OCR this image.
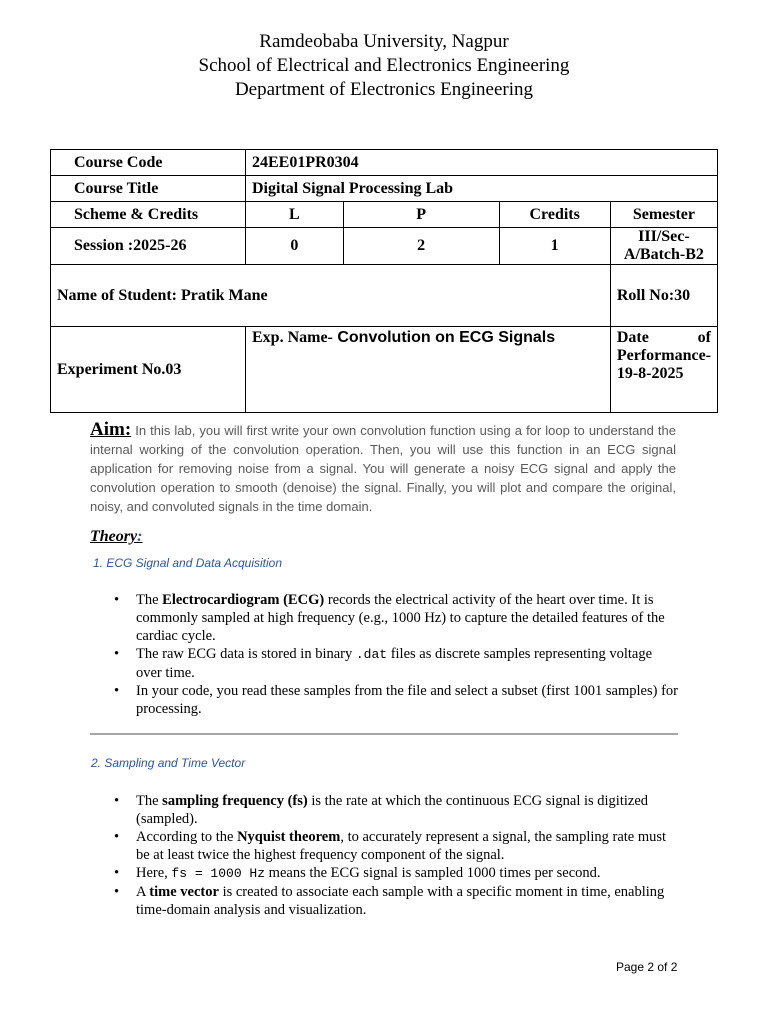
Ramdeobaba University, Nagpur
School of Electrical and Electronics Engineering
Department of Electronics Engineering
Course Code	24EE01PR0304			
Course Title	Digital Signal Processing Lab			
Scheme & Credits	L	P	Credits	Semester
Session :2025-26	0	2	1	III/Sec-A/Batch-B2
Name of Student: Pratik Mane				Roll No:30
Experiment No.03	Exp. Name- Convolution on ECG Signals			Date of Performance-
19-8-2025
Aim: In this lab, you will first write your own convolution function using a for loop to understand the internal working of the convolution operation. Then, you will use this function in an ECG signal application for removing noise from a signal. You will generate a noisy ECG signal and apply the convolution operation to smooth (denoise) the signal. Finally, you will plot and compare the original, noisy, and convoluted signals in the time domain.
Theory:
1. ECG Signal and Data Acquisition
• The Electrocardiogram (ECG) records the electrical activity of the heart over time. It is commonly sampled at high frequency (e.g., 1000 Hz) to capture the detailed features of the cardiac cycle.
• The raw ECG data is stored in binary .dat files as discrete samples representing voltage over time.
• In your code, you read these samples from the file and select a subset (first 1001 samples) for processing.
2. Sampling and Time Vector
• The sampling frequency (fs) is the rate at which the continuous ECG signal is digitized (sampled).
• According to the Nyquist theorem, to accurately represent a signal, the sampling rate must be at least twice the highest frequency component of the signal.
• Here, fs = 1000 Hz means the ECG signal is sampled 1000 times per second.
• A time vector is created to associate each sample with a specific moment in time, enabling time-domain analysis and visualization.
Page 2 of 2
